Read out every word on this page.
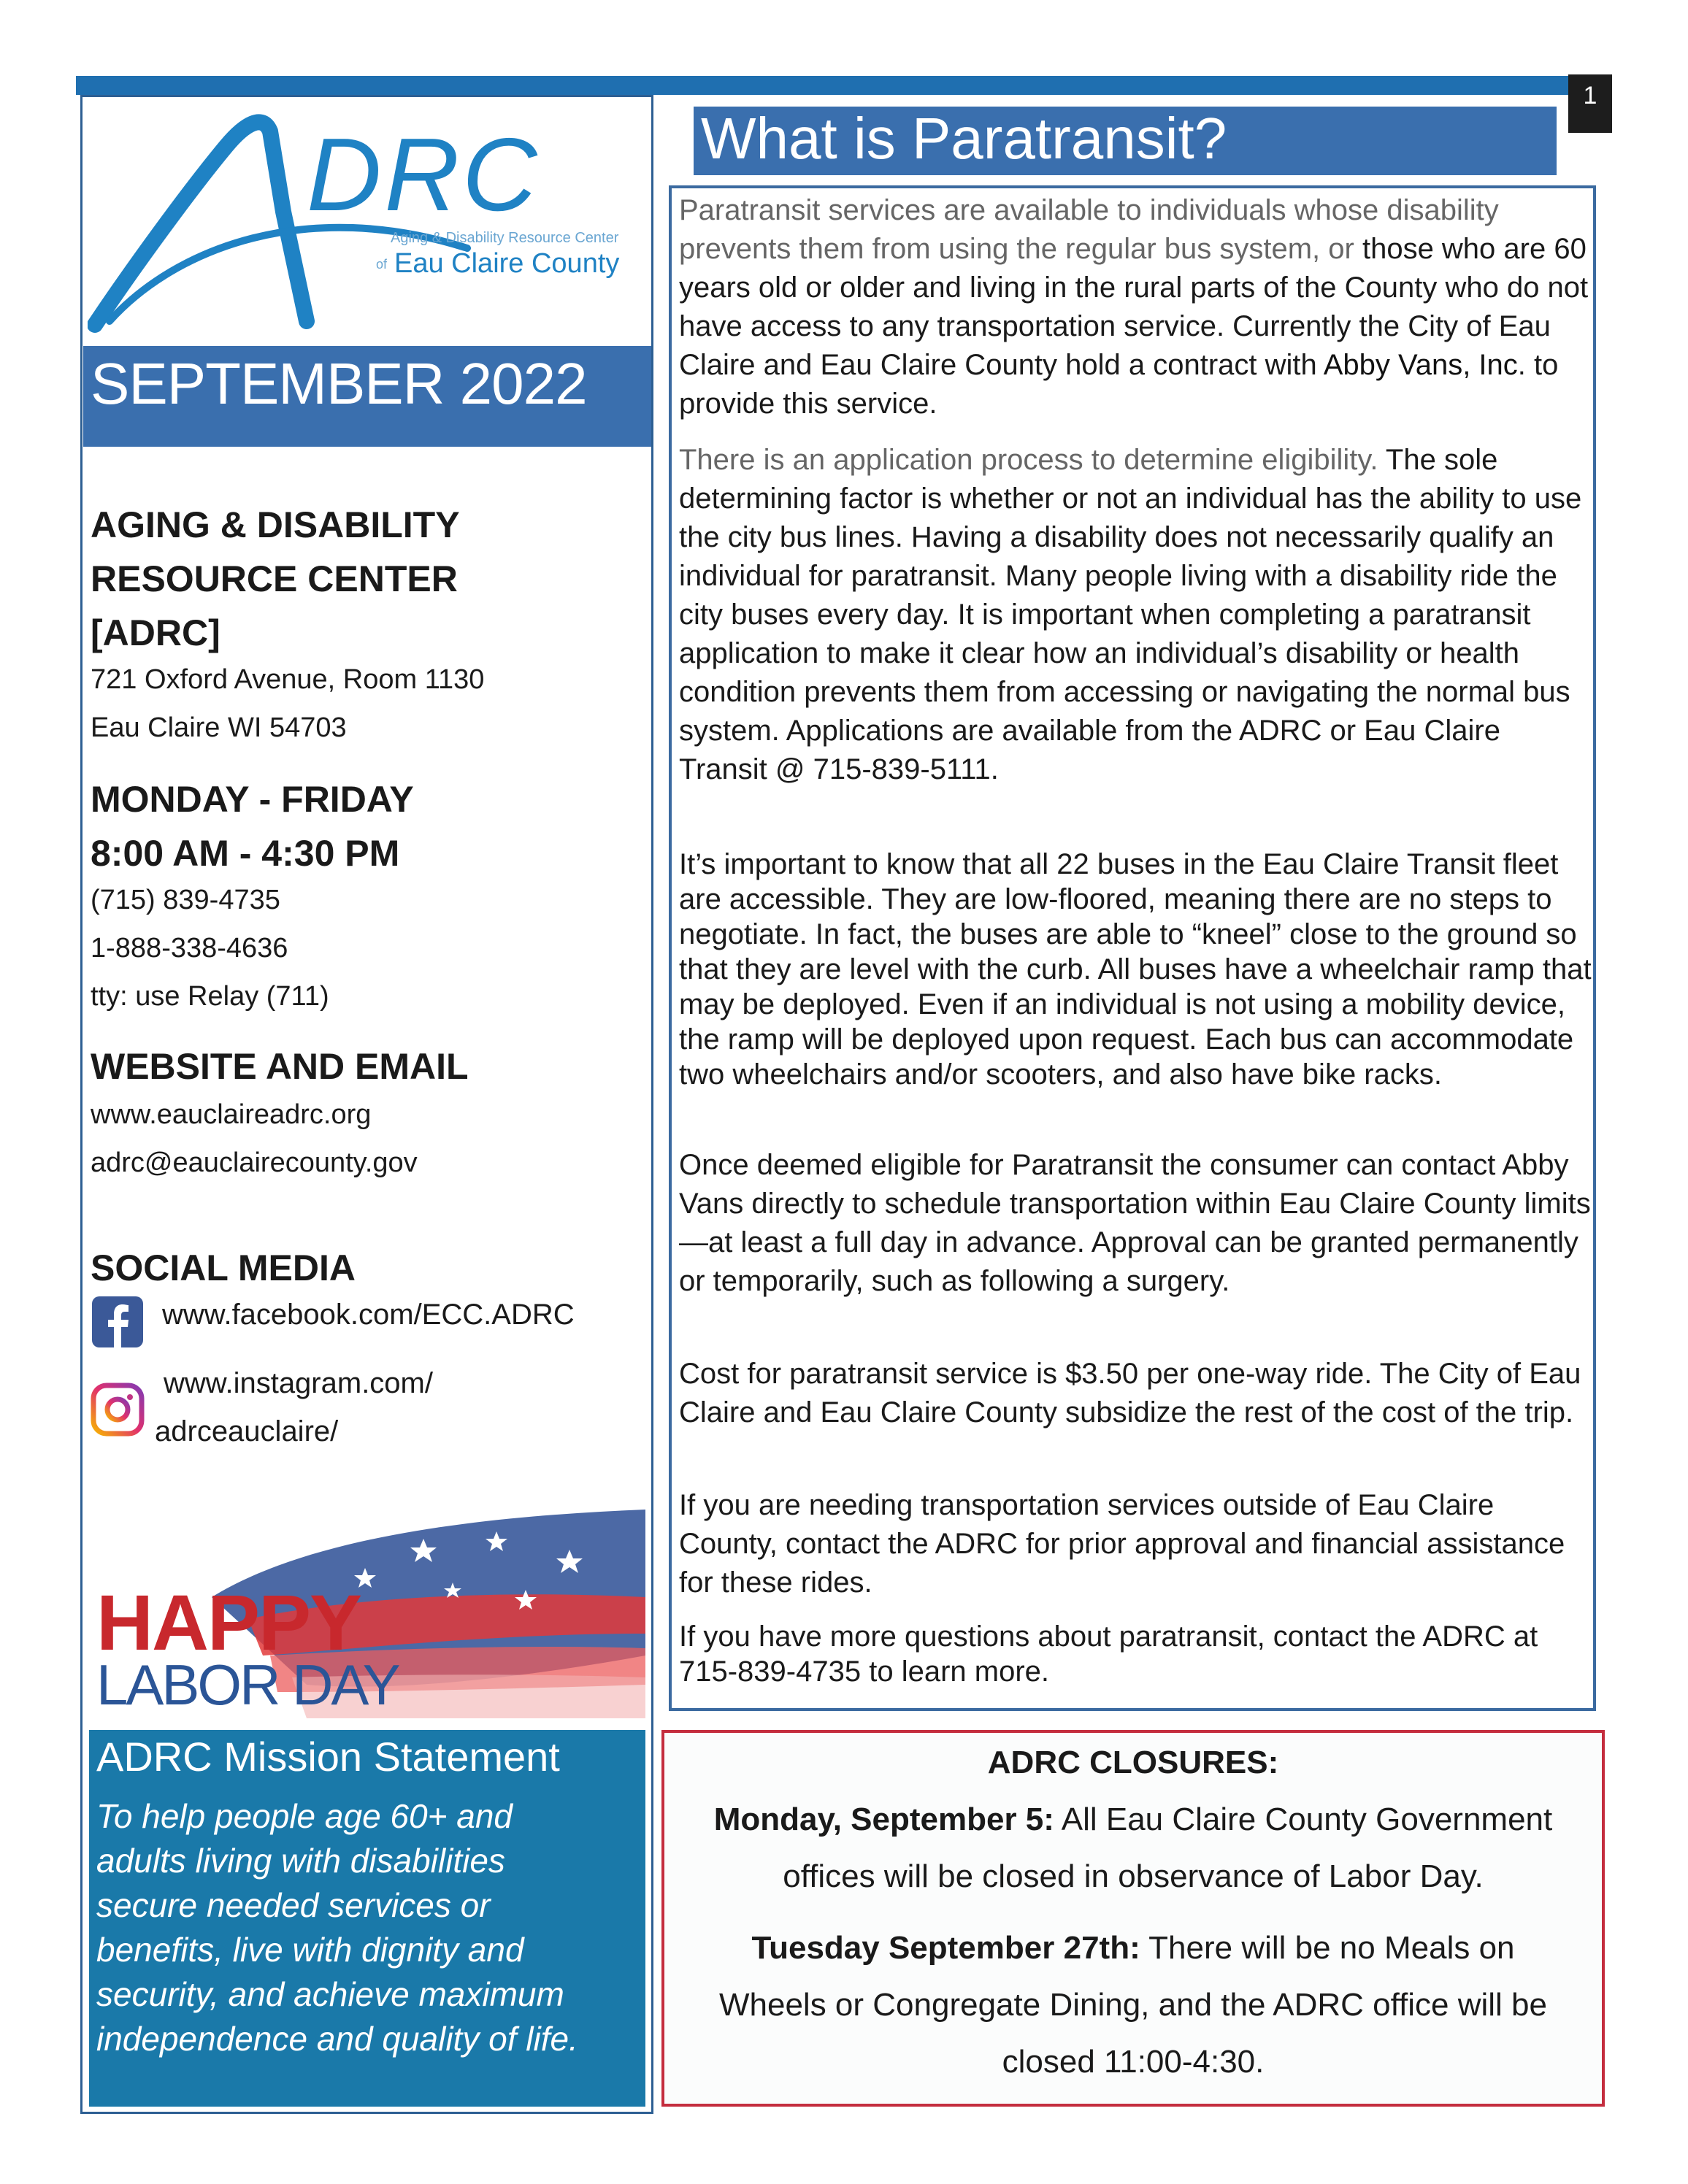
1
DRC
Aging & Disability Resource Center
of Eau Claire County
SEPTEMBER 2022
AGING & DISABILITY
RESOURCE CENTER
[ADRC]
721 Oxford Avenue, Room 1130
Eau Claire WI 54703
MONDAY - FRIDAY
8:00 AM - 4:30 PM
(715) 839-4735
1-888-338-4636
tty: use Relay (711)
WEBSITE AND EMAIL
www.eauclaireadrc.org
adrc@eauclairecounty.gov
SOCIAL MEDIA
www.facebook.com/ECC.ADRC
www.instagram.com/
adrceauclaire/
HAPPY
LABOR DAY
ADRC Mission Statement
To help people age 60+ and
adults living with disabilities
secure needed services or
benefits, live with dignity and
security, and achieve maximum
independence and quality of life.
What is Paratransit?

Paratransit services are available to individuals whose disability prevents them from using the regular bus system, or those who are 60 years old or older and living in the rural parts of the County who do not have access to any transportation service. Currently the City of Eau Claire and Eau Claire County hold a contract with Abby Vans, Inc. to provide this service.

There is an application process to determine eligibility. The sole determining factor is whether or not an individual has the ability to use the city bus lines. Having a disability does not necessarily qualify an individual for paratransit. Many people living with a disability ride the city buses every day. It is important when completing a paratransit application to make it clear how an individual’s disability or health condition prevents them from accessing or navigating the normal bus system. Applications are available from the ADRC or Eau Claire Transit @ 715-839-5111.

It’s important to know that all 22 buses in the Eau Claire Transit fleet are accessible. They are low-floored, meaning there are no steps to negotiate. In fact, the buses are able to “kneel” close to the ground so that they are level with the curb. All buses have a wheelchair ramp that may be deployed. Even if an individual is not using a mobility device, the ramp will be deployed upon request. Each bus can accommodate two wheelchairs and/or scooters, and also have bike racks.

Once deemed eligible for Paratransit the consumer can contact Abby Vans directly to schedule transportation within Eau Claire County limits—at least a full day in advance. Approval can be granted permanently or temporarily, such as following a surgery.

Cost for paratransit service is $3.50 per one-way ride. The City of Eau Claire and Eau Claire County subsidize the rest of the cost of the trip.

If you are needing transportation services outside of Eau Claire County, contact the ADRC for prior approval and financial assistance for these rides.

If you have more questions about paratransit, contact the ADRC at 715-839-4735 to learn more.

ADRC CLOSURES:
Monday, September 5: All Eau Claire County Government
offices will be closed in observance of Labor Day.
Tuesday September 27th: There will be no Meals on
Wheels or Congregate Dining, and the ADRC office will be
closed 11:00-4:30.
